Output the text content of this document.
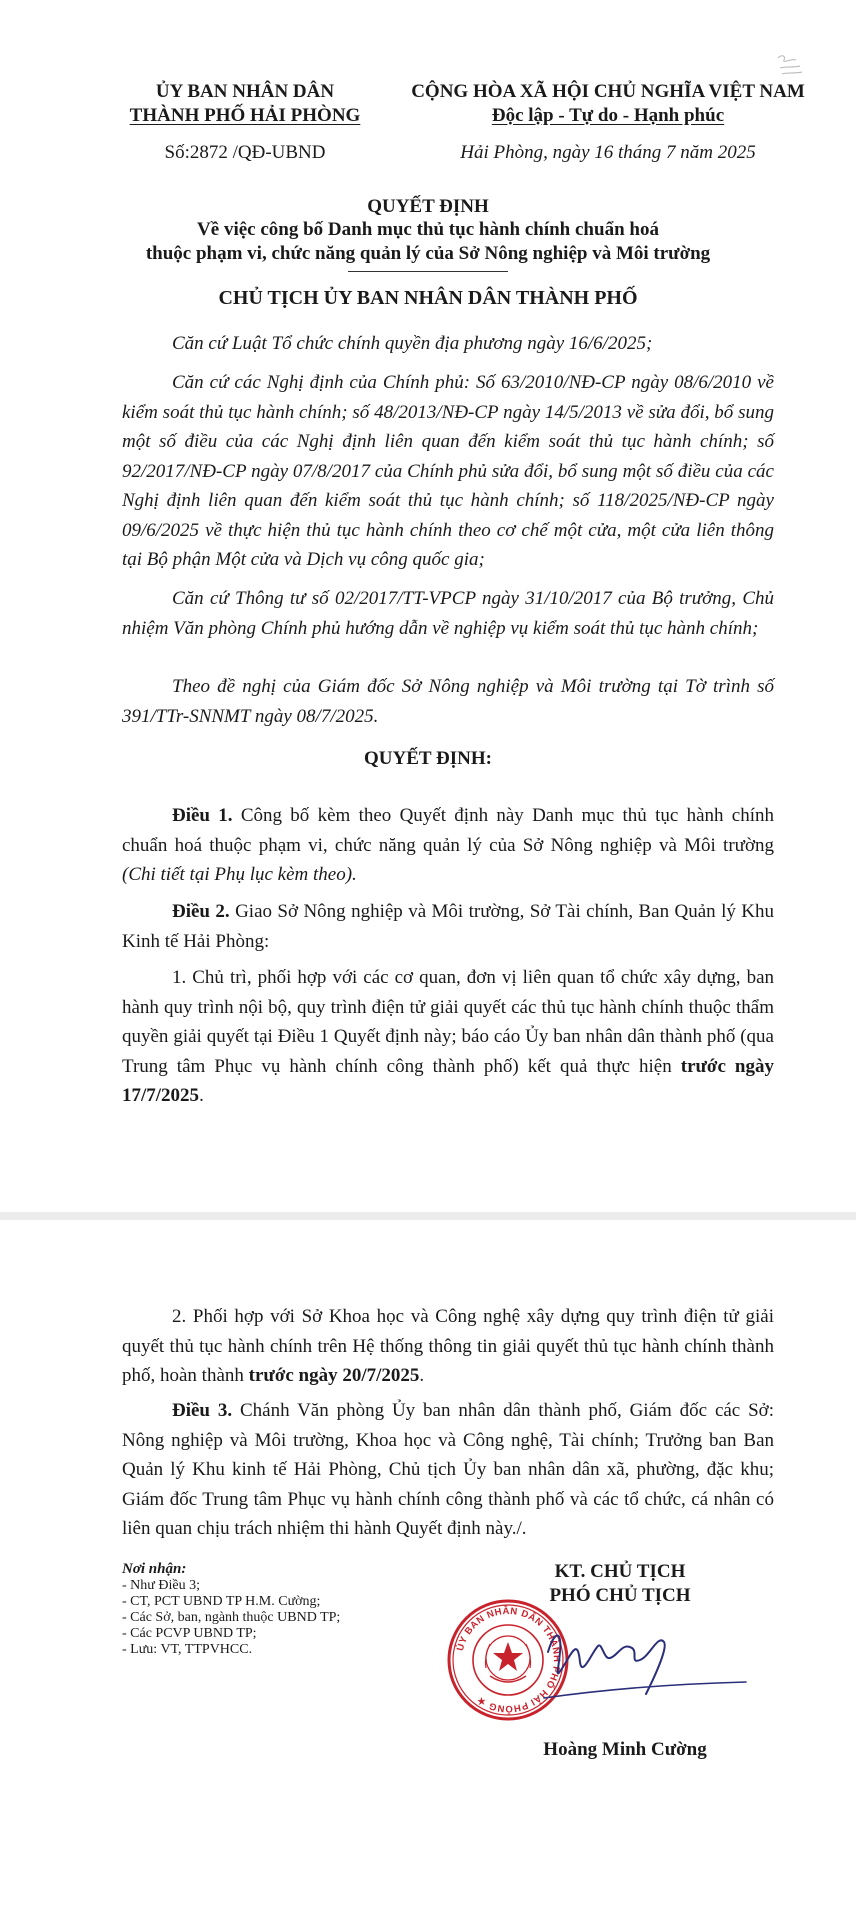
ỦY BAN NHÂN DÂN
THÀNH PHỐ HẢI PHÒNG
CỘNG HÒA XÃ HỘI CHỦ NGHĨA VIỆT NAM
Độc lập - Tự do - Hạnh phúc
Số:2872 /QĐ-UBND	Hải Phòng, ngày 16 tháng 7 năm 2025
QUYẾT ĐỊNH
Về việc công bố Danh mục thủ tục hành chính chuẩn hoá
thuộc phạm vi, chức năng quản lý của Sở Nông nghiệp và Môi trường
CHỦ TỊCH ỦY BAN NHÂN DÂN THÀNH PHỐ

Căn cứ Luật Tổ chức chính quyền địa phương ngày 16/6/2025;

Căn cứ các Nghị định của Chính phủ: Số 63/2010/NĐ-CP ngày 08/6/2010 về kiểm soát thủ tục hành chính; số 48/2013/NĐ-CP ngày 14/5/2013 về sửa đổi, bổ sung một số điều của các Nghị định liên quan đến kiểm soát thủ tục hành chính; số 92/2017/NĐ-CP ngày 07/8/2017 của Chính phủ sửa đổi, bổ sung một số điều của các Nghị định liên quan đến kiểm soát thủ tục hành chính; số 118/2025/NĐ-CP ngày 09/6/2025 về thực hiện thủ tục hành chính theo cơ chế một cửa, một cửa liên thông tại Bộ phận Một cửa và Dịch vụ công quốc gia;

Căn cứ Thông tư số 02/2017/TT-VPCP ngày 31/10/2017 của Bộ trưởng, Chủ nhiệm Văn phòng Chính phủ hướng dẫn về nghiệp vụ kiểm soát thủ tục hành chính;

Theo đề nghị của Giám đốc Sở Nông nghiệp và Môi trường tại Tờ trình số 391/TTr-SNNMT ngày 08/7/2025.

QUYẾT ĐỊNH:

Điều 1. Công bố kèm theo Quyết định này Danh mục thủ tục hành chính chuẩn hoá thuộc phạm vi, chức năng quản lý của Sở Nông nghiệp và Môi trường (Chi tiết tại Phụ lục kèm theo).

Điều 2. Giao Sở Nông nghiệp và Môi trường, Sở Tài chính, Ban Quản lý Khu Kinh tế Hải Phòng:

1. Chủ trì, phối hợp với các cơ quan, đơn vị liên quan tổ chức xây dựng, ban hành quy trình nội bộ, quy trình điện tử giải quyết các thủ tục hành chính thuộc thẩm quyền giải quyết tại Điều 1 Quyết định này; báo cáo Ủy ban nhân dân thành phố (qua Trung tâm Phục vụ hành chính công thành phố) kết quả thực hiện trước ngày 17/7/2025.

2. Phối hợp với Sở Khoa học và Công nghệ xây dựng quy trình điện tử giải quyết thủ tục hành chính trên Hệ thống thông tin giải quyết thủ tục hành chính thành phố, hoàn thành trước ngày 20/7/2025.

Điều 3. Chánh Văn phòng Ủy ban nhân dân thành phố, Giám đốc các Sở: Nông nghiệp và Môi trường, Khoa học và Công nghệ, Tài chính; Trưởng ban Ban Quản lý Khu kinh tế Hải Phòng, Chủ tịch Ủy ban nhân dân xã, phường, đặc khu; Giám đốc Trung tâm Phục vụ hành chính công thành phố và các tổ chức, cá nhân có liên quan chịu trách nhiệm thi hành Quyết định này./.

Nơi nhận:
- Như Điều 3;
- CT, PCT UBND TP H.M. Cường;
- Các Sở, ban, ngành thuộc UBND TP;
- Các PCVP UBND TP;
- Lưu: VT, TTPVHCC.
KT. CHỦ TỊCH
PHÓ CHỦ TỊCH
ỦY BAN NHÂN DÂN THÀNH PHỐ HẢI PHÒNG ★
Hoàng Minh Cường
